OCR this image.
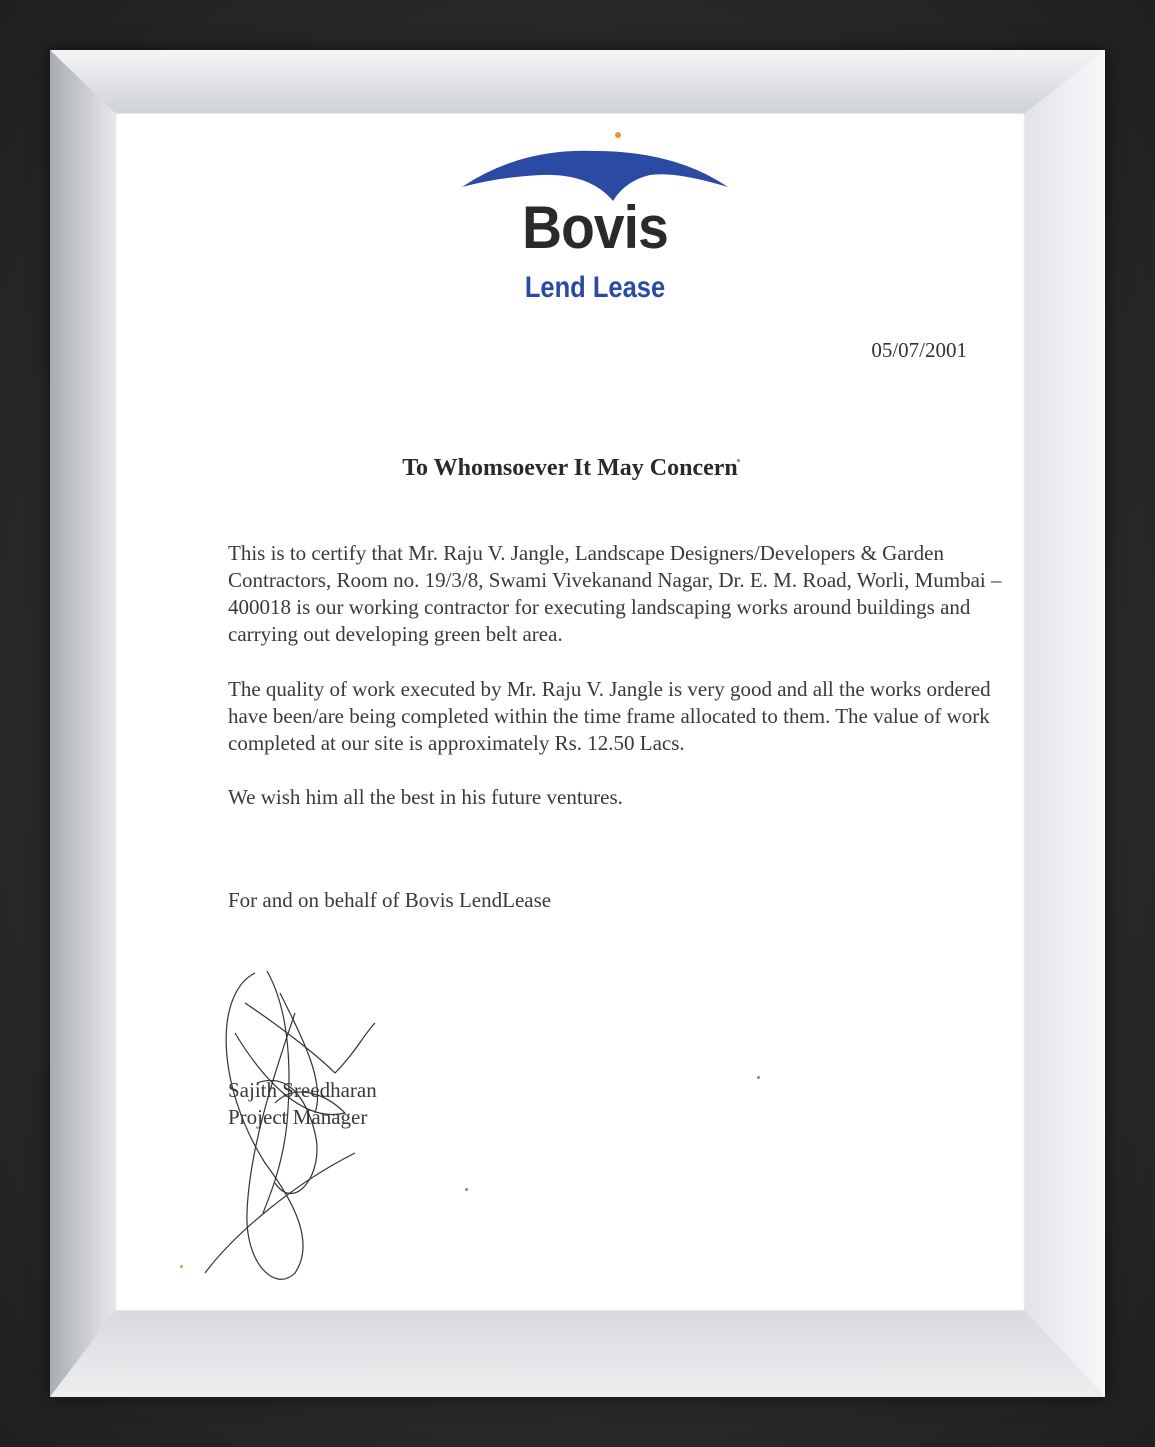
Bovis
Lend Lease
05/07/2001
To Whomsoever It May Concern
This is to certify that Mr. Raju V. Jangle, Landscape Designers/Developers & Garden Contractors, Room no. 19/3/8, Swami Vivekanand Nagar, Dr. E. M. Road, Worli, Mumbai – 400018 is our working contractor for executing landscaping works around buildings and carrying out developing green belt area.
The quality of work executed by Mr. Raju V. Jangle is very good and all the works ordered have been/are being completed within the time frame allocated to them. The value of work completed at our site is approximately Rs. 12.50 Lacs.
We wish him all the best in his future ventures.
For and on behalf of Bovis LendLease
Sajith Sreedharan
Project Manager
